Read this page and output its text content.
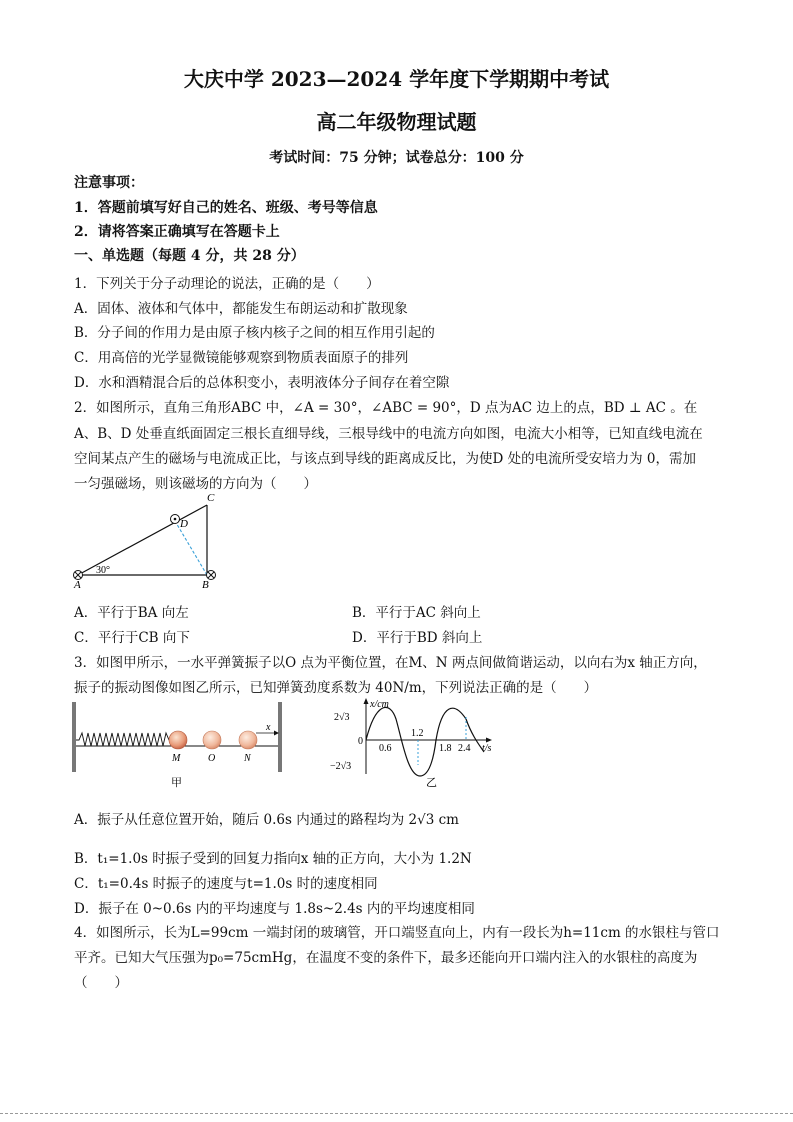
大庆中学 2023—2024 学年度下学期期中考试
高二年级物理试题
考试时间：75 分钟；试卷总分：100 分
注意事项：
1．答题前填写好自己的姓名、班级、考号等信息
2．请将答案正确填写在答题卡上
一、单选题（每题 4 分，共 28 分）
1．下列关于分子动理论的说法，正确的是（　　）
A．固体、液体和气体中，都能发生布朗运动和扩散现象
B．分子间的作用力是由原子核内核子之间的相互作用引起的
C．用高倍的光学显微镜能够观察到物质表面原子的排列
D．水和酒精混合后的总体积变小，表明液体分子间存在着空隙
2．如图所示，直角三角形ABC 中，∠A = 30°，∠ABC = 90°，D 点为AC 边上的点，BD ⊥ AC 。在
A、B、D 处垂直纸面固定三根长直细导线，三根导线中的电流方向如图，电流大小相等，已知直线电流在
空间某点产生的磁场与电流成正比，与该点到导线的距离成反比，为使D 处的电流所受安培力为 0，需加
一匀强磁场，则该磁场的方向为（　　）
A	B
C
D
30°
A．平行于BA 向左	B．平行于AC 斜向上
C．平行于CB 向下	D．平行于BD 斜向上
3．如图甲所示，一水平弹簧振子以O 点为平衡位置，在M、N 两点间做简谐运动，以向右为x 轴正方向，
振子的振动图像如图乙所示，已知弹簧劲度系数为 40N/m，下列说法正确的是（　　）
x
M	O	N
甲
x/cm
2√3
−2√3
0
0.6
1.2
1.8 2.4 t/s
乙
A．振子从任意位置开始，随后 0.6s 内通过的路程均为 2√3 cm
B．t₁=1.0s 时振子受到的回复力指向x 轴的正方向，大小为 1.2N
C．t₁=0.4s 时振子的速度与t=1.0s 时的速度相同
D．振子在 0~0.6s 内的平均速度与 1.8s~2.4s 内的平均速度相同
4．如图所示，长为L=99cm 一端封闭的玻璃管，开口端竖直向上，内有一段长为h=11cm 的水银柱与管口
平齐。已知大气压强为p₀=75cmHg，在温度不变的条件下，最多还能向开口端内注入的水银柱的高度为
（　　）
